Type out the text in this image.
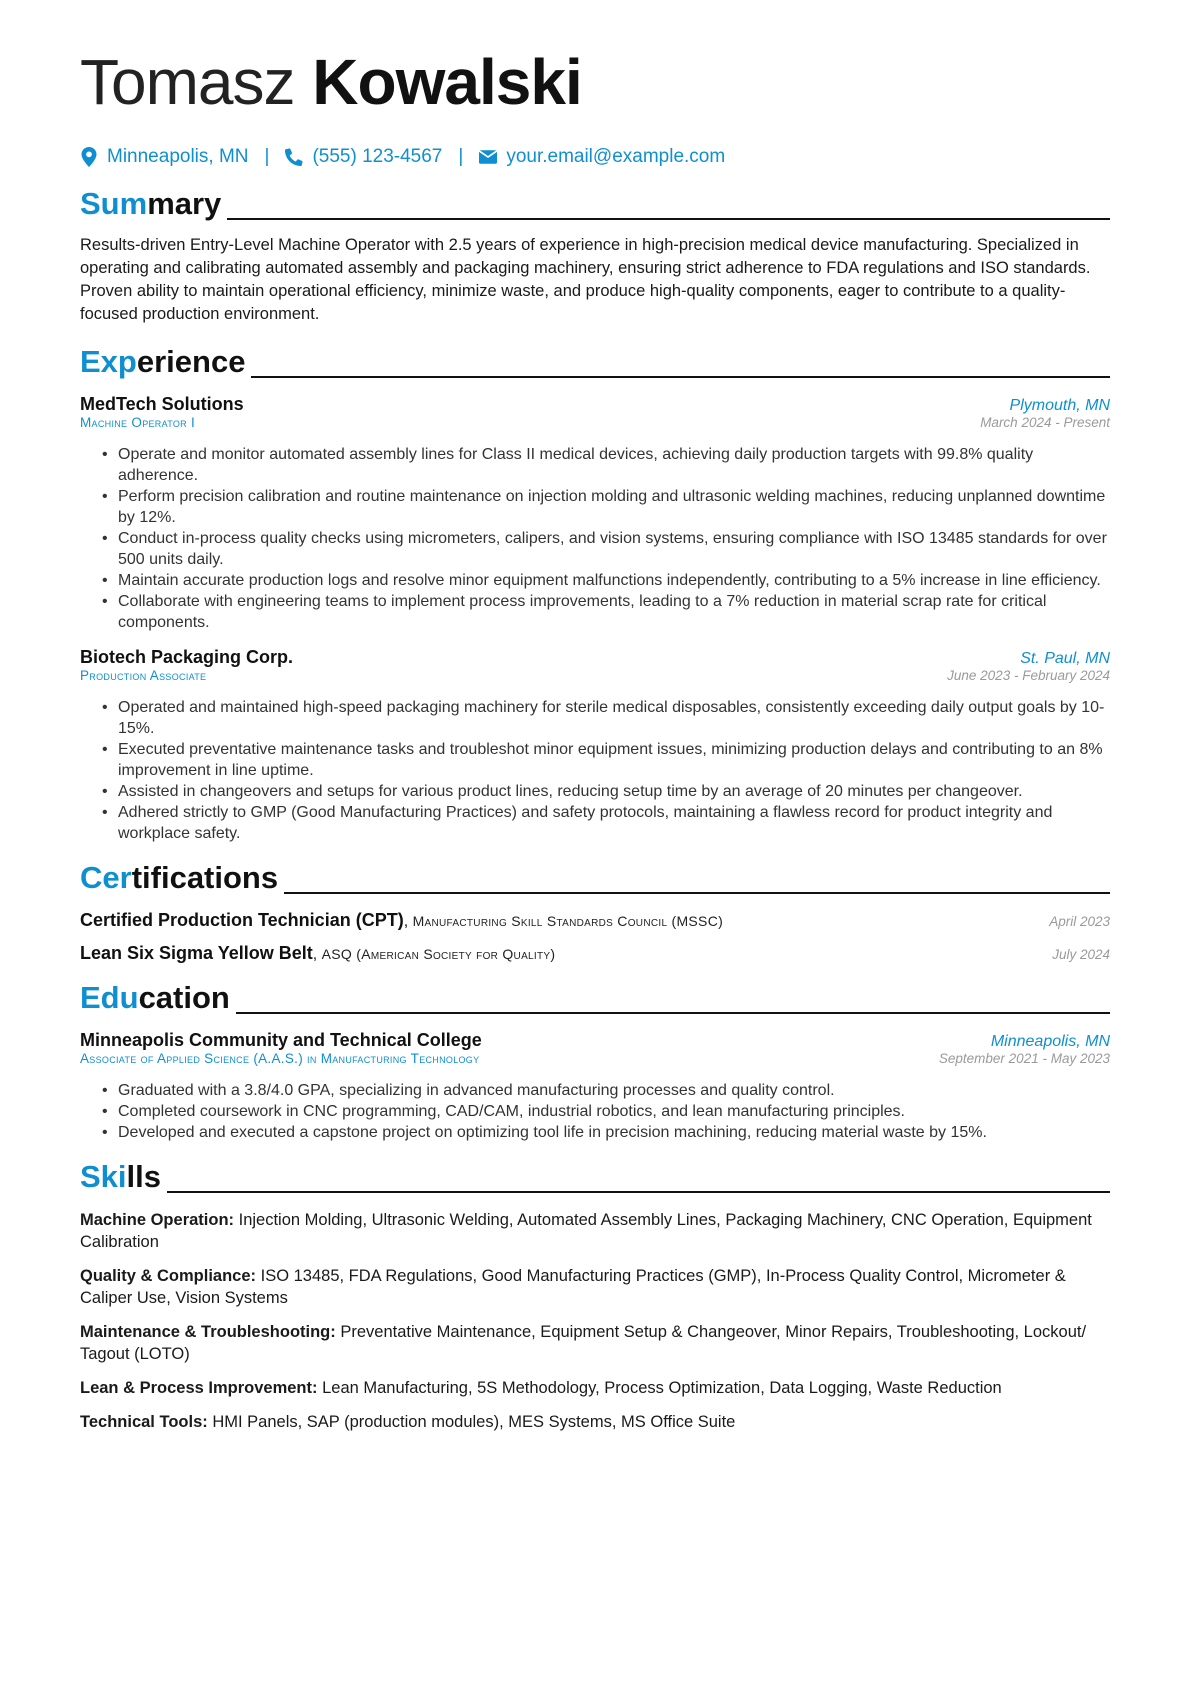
Tomasz Kowalski
Minneapolis, MN | (555) 123-4567 | your.email@example.com
Summary
Results-driven Entry-Level Machine Operator with 2.5 years of experience in high-precision medical device manufacturing. Specialized in operating and calibrating automated assembly and packaging machinery, ensuring strict adherence to FDA regulations and ISO standards. Proven ability to maintain operational efficiency, minimize waste, and produce high-quality components, eager to contribute to a quality-focused production environment.
Experience
MedTech Solutions	Plymouth, MN
Machine Operator I	March 2024 - Present
• Operate and monitor automated assembly lines for Class II medical devices, achieving daily production targets with 99.8% quality adherence.
• Perform precision calibration and routine maintenance on injection molding and ultrasonic welding machines, reducing unplanned downtime by 12%.
• Conduct in-process quality checks using micrometers, calipers, and vision systems, ensuring compliance with ISO 13485 standards for over 500 units daily.
• Maintain accurate production logs and resolve minor equipment malfunctions independently, contributing to a 5% increase in line efficiency.
• Collaborate with engineering teams to implement process improvements, leading to a 7% reduction in material scrap rate for critical components.
Biotech Packaging Corp.	St. Paul, MN
Production Associate	June 2023 - February 2024
• Operated and maintained high-speed packaging machinery for sterile medical disposables, consistently exceeding daily output goals by 10-15%.
• Executed preventative maintenance tasks and troubleshot minor equipment issues, minimizing production delays and contributing to an 8% improvement in line uptime.
• Assisted in changeovers and setups for various product lines, reducing setup time by an average of 20 minutes per changeover.
• Adhered strictly to GMP (Good Manufacturing Practices) and safety protocols, maintaining a flawless record for product integrity and workplace safety.
Certifications
Certified Production Technician (CPT), Manufacturing Skill Standards Council (MSSC)	April 2023
Lean Six Sigma Yellow Belt, ASQ (American Society for Quality)	July 2024
Education
Minneapolis Community and Technical College	Minneapolis, MN
Associate of Applied Science (A.A.S.) in Manufacturing Technology	September 2021 - May 2023
• Graduated with a 3.8/4.0 GPA, specializing in advanced manufacturing processes and quality control.
• Completed coursework in CNC programming, CAD/CAM, industrial robotics, and lean manufacturing principles.
• Developed and executed a capstone project on optimizing tool life in precision machining, reducing material waste by 15%.
Skills
Machine Operation: Injection Molding, Ultrasonic Welding, Automated Assembly Lines, Packaging Machinery, CNC Operation, Equipment Calibration
Quality & Compliance: ISO 13485, FDA Regulations, Good Manufacturing Practices (GMP), In-Process Quality Control, Micrometer & Caliper Use, Vision Systems
Maintenance & Troubleshooting: Preventative Maintenance, Equipment Setup & Changeover, Minor Repairs, Troubleshooting, Lockout/ Tagout (LOTO)
Lean & Process Improvement: Lean Manufacturing, 5S Methodology, Process Optimization, Data Logging, Waste Reduction
Technical Tools: HMI Panels, SAP (production modules), MES Systems, MS Office Suite
